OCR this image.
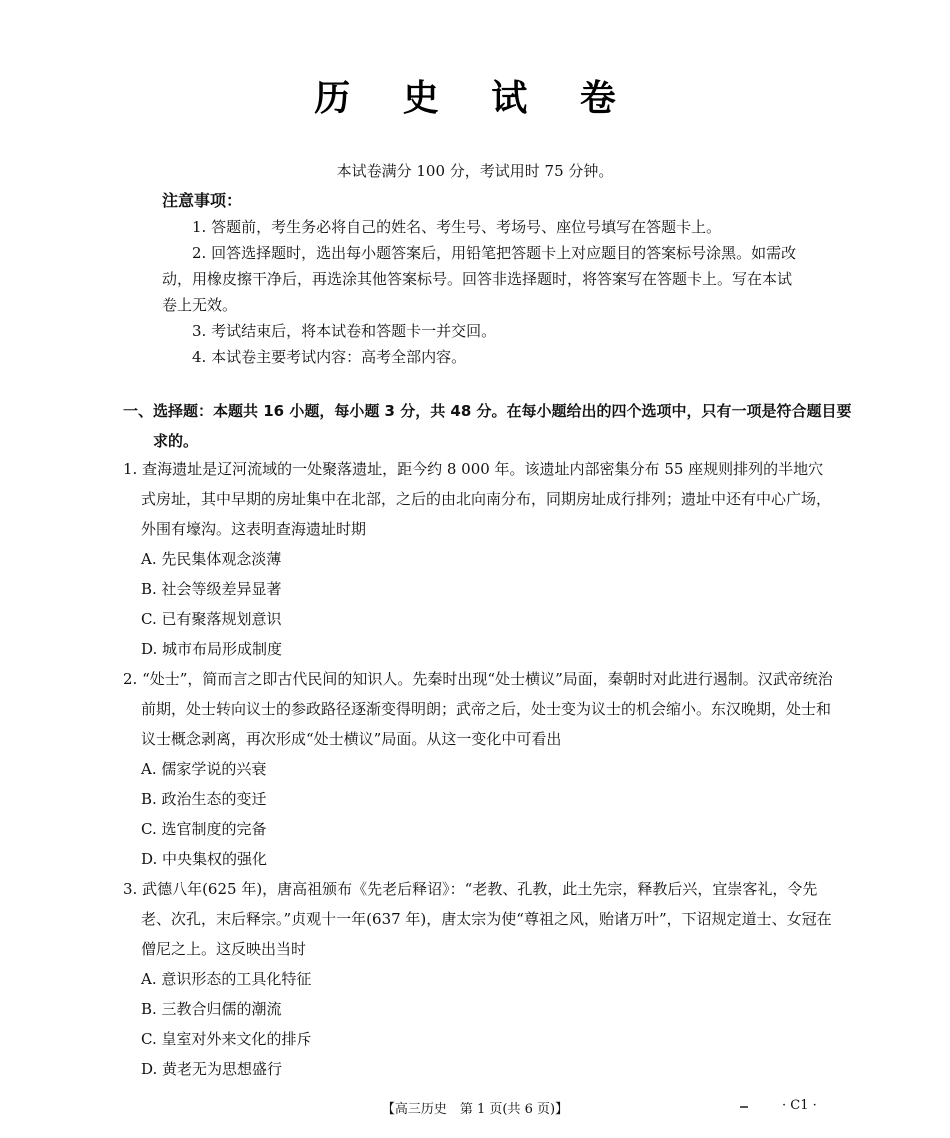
历 史 试 卷
本试卷满分 100 分，考试用时 75 分钟。
注意事项：

1. 答题前，考生务必将自己的姓名、考生号、考场号、座位号填写在答题卡上。

2. 回答选择题时，选出每小题答案后，用铅笔把答题卡上对应题目的答案标号涂黑。如需改动，用橡皮擦干净后，再选涂其他答案标号。回答非选择题时，将答案写在答题卡上。写在本试卷上无效。

3. 考试结束后，将本试卷和答题卡一并交回。

4. 本试卷主要考试内容：高考全部内容。

一、选择题：本题共 16 小题，每小题 3 分，共 48 分。在每小题给出的四个选项中，只有一项是符合题目要求的。
1. 查海遗址是辽河流域的一处聚落遗址，距今约 8 000 年。该遗址内部密集分布 55 座规则排列的半地穴式房址，其中早期的房址集中在北部，之后的由北向南分布，同期房址成行排列；遗址中还有中心广场，外围有壕沟。这表明查海遗址时期
A. 先民集体观念淡薄
B. 社会等级差异显著
C. 已有聚落规划意识
D. 城市布局形成制度
2. “处士”，简而言之即古代民间的知识人。先秦时出现“处士横议”局面，秦朝时对此进行遏制。汉武帝统治前期，处士转向议士的参政路径逐渐变得明朗；武帝之后，处士变为议士的机会缩小。东汉晚期，处士和议士概念剥离，再次形成“处士横议”局面。从这一变化中可看出
A. 儒家学说的兴衰
B. 政治生态的变迁
C. 选官制度的完备
D. 中央集权的强化
3. 武德八年(625 年)，唐高祖颁布《先老后释诏》：“老教、孔教，此土先宗，释教后兴，宜崇客礼，令先老、次孔，末后释宗。”贞观十一年(637 年)，唐太宗为使“尊祖之风，贻诸万叶”，下诏规定道士、女冠在僧尼之上。这反映出当时
A. 意识形态的工具化特征
B. 三教合归儒的潮流
C. 皇室对外来文化的排斥
D. 黄老无为思想盛行
【高三历史　第 1 页(共 6 页)】	· C1 ·
